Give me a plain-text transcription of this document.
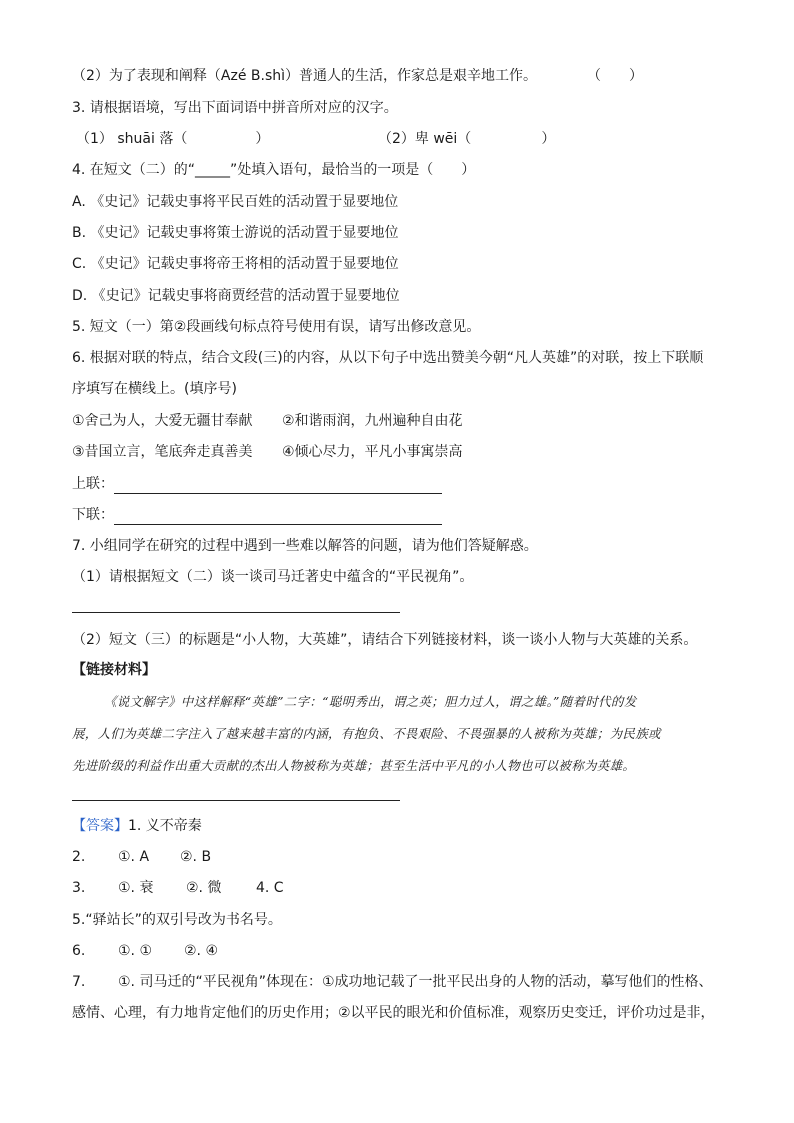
（2）为了表现和阐释（Azé B.shì）普通人的生活，作家总是艰辛地工作。	（　　）
3. 请根据语境，写出下面词语中拼音所对应的汉字。
（1） shuāi 落（	）	（2）卑 wēi（	）
4. 在短文（二）的“_____”处填入语句，最恰当的一项是（　　）
A. 《史记》记载史事将平民百姓的活动置于显要地位
B. 《史记》记载史事将策士游说的活动置于显要地位
C. 《史记》记载史事将帝王将相的活动置于显要地位
D. 《史记》记载史事将商贾经营的活动置于显要地位
5. 短文（一）第②段画线句标点符号使用有误，请写出修改意见。
6. 根据对联的特点，结合文段(三)的内容，从以下句子中选出赞美今朝“凡人英雄”的对联，按上下联顺
序填写在横线上。(填序号)
①舍己为人，大爱无疆甘奉献 ②和谐雨润，九州遍种自由花
③昔国立言，笔底奔走真善美 ④倾心尽力，平凡小事寓崇高
上联：
下联：
7. 小组同学在研究的过程中遇到一些难以解答的问题，请为他们答疑解惑。
（1）请根据短文（二）谈一谈司马迁著史中蕴含的“平民视角”。
（2）短文（三）的标题是“小人物，大英雄”，请结合下列链接材料，谈一谈小人物与大英雄的关系。
【链接材料】
《说文解字》中这样解释“英雄”二字：“聪明秀出，谓之英；胆力过人，谓之雄。”随着时代的发
展，人们为英雄二字注入了越来越丰富的内涵，有抱负、不畏艰险、不畏强暴的人被称为英雄；为民族或
先进阶级的利益作出重大贡献的杰出人物被称为英雄；甚至生活中平凡的小人物也可以被称为英雄。
【答案】1. 义不帝秦
2. ①. A ②. B
3. ①. 衰 ②. 微 4. C
5.“驿站长”的双引号改为书名号。
6. ①. ① ②. ④
7. ①. 司马迁的“平民视角”体现在：①成功地记载了一批平民出身的人物的活动，摹写他们的性格、
感情、心理，有力地肯定他们的历史作用；②以平民的眼光和价值标准，观察历史变迁，评价功过是非，
